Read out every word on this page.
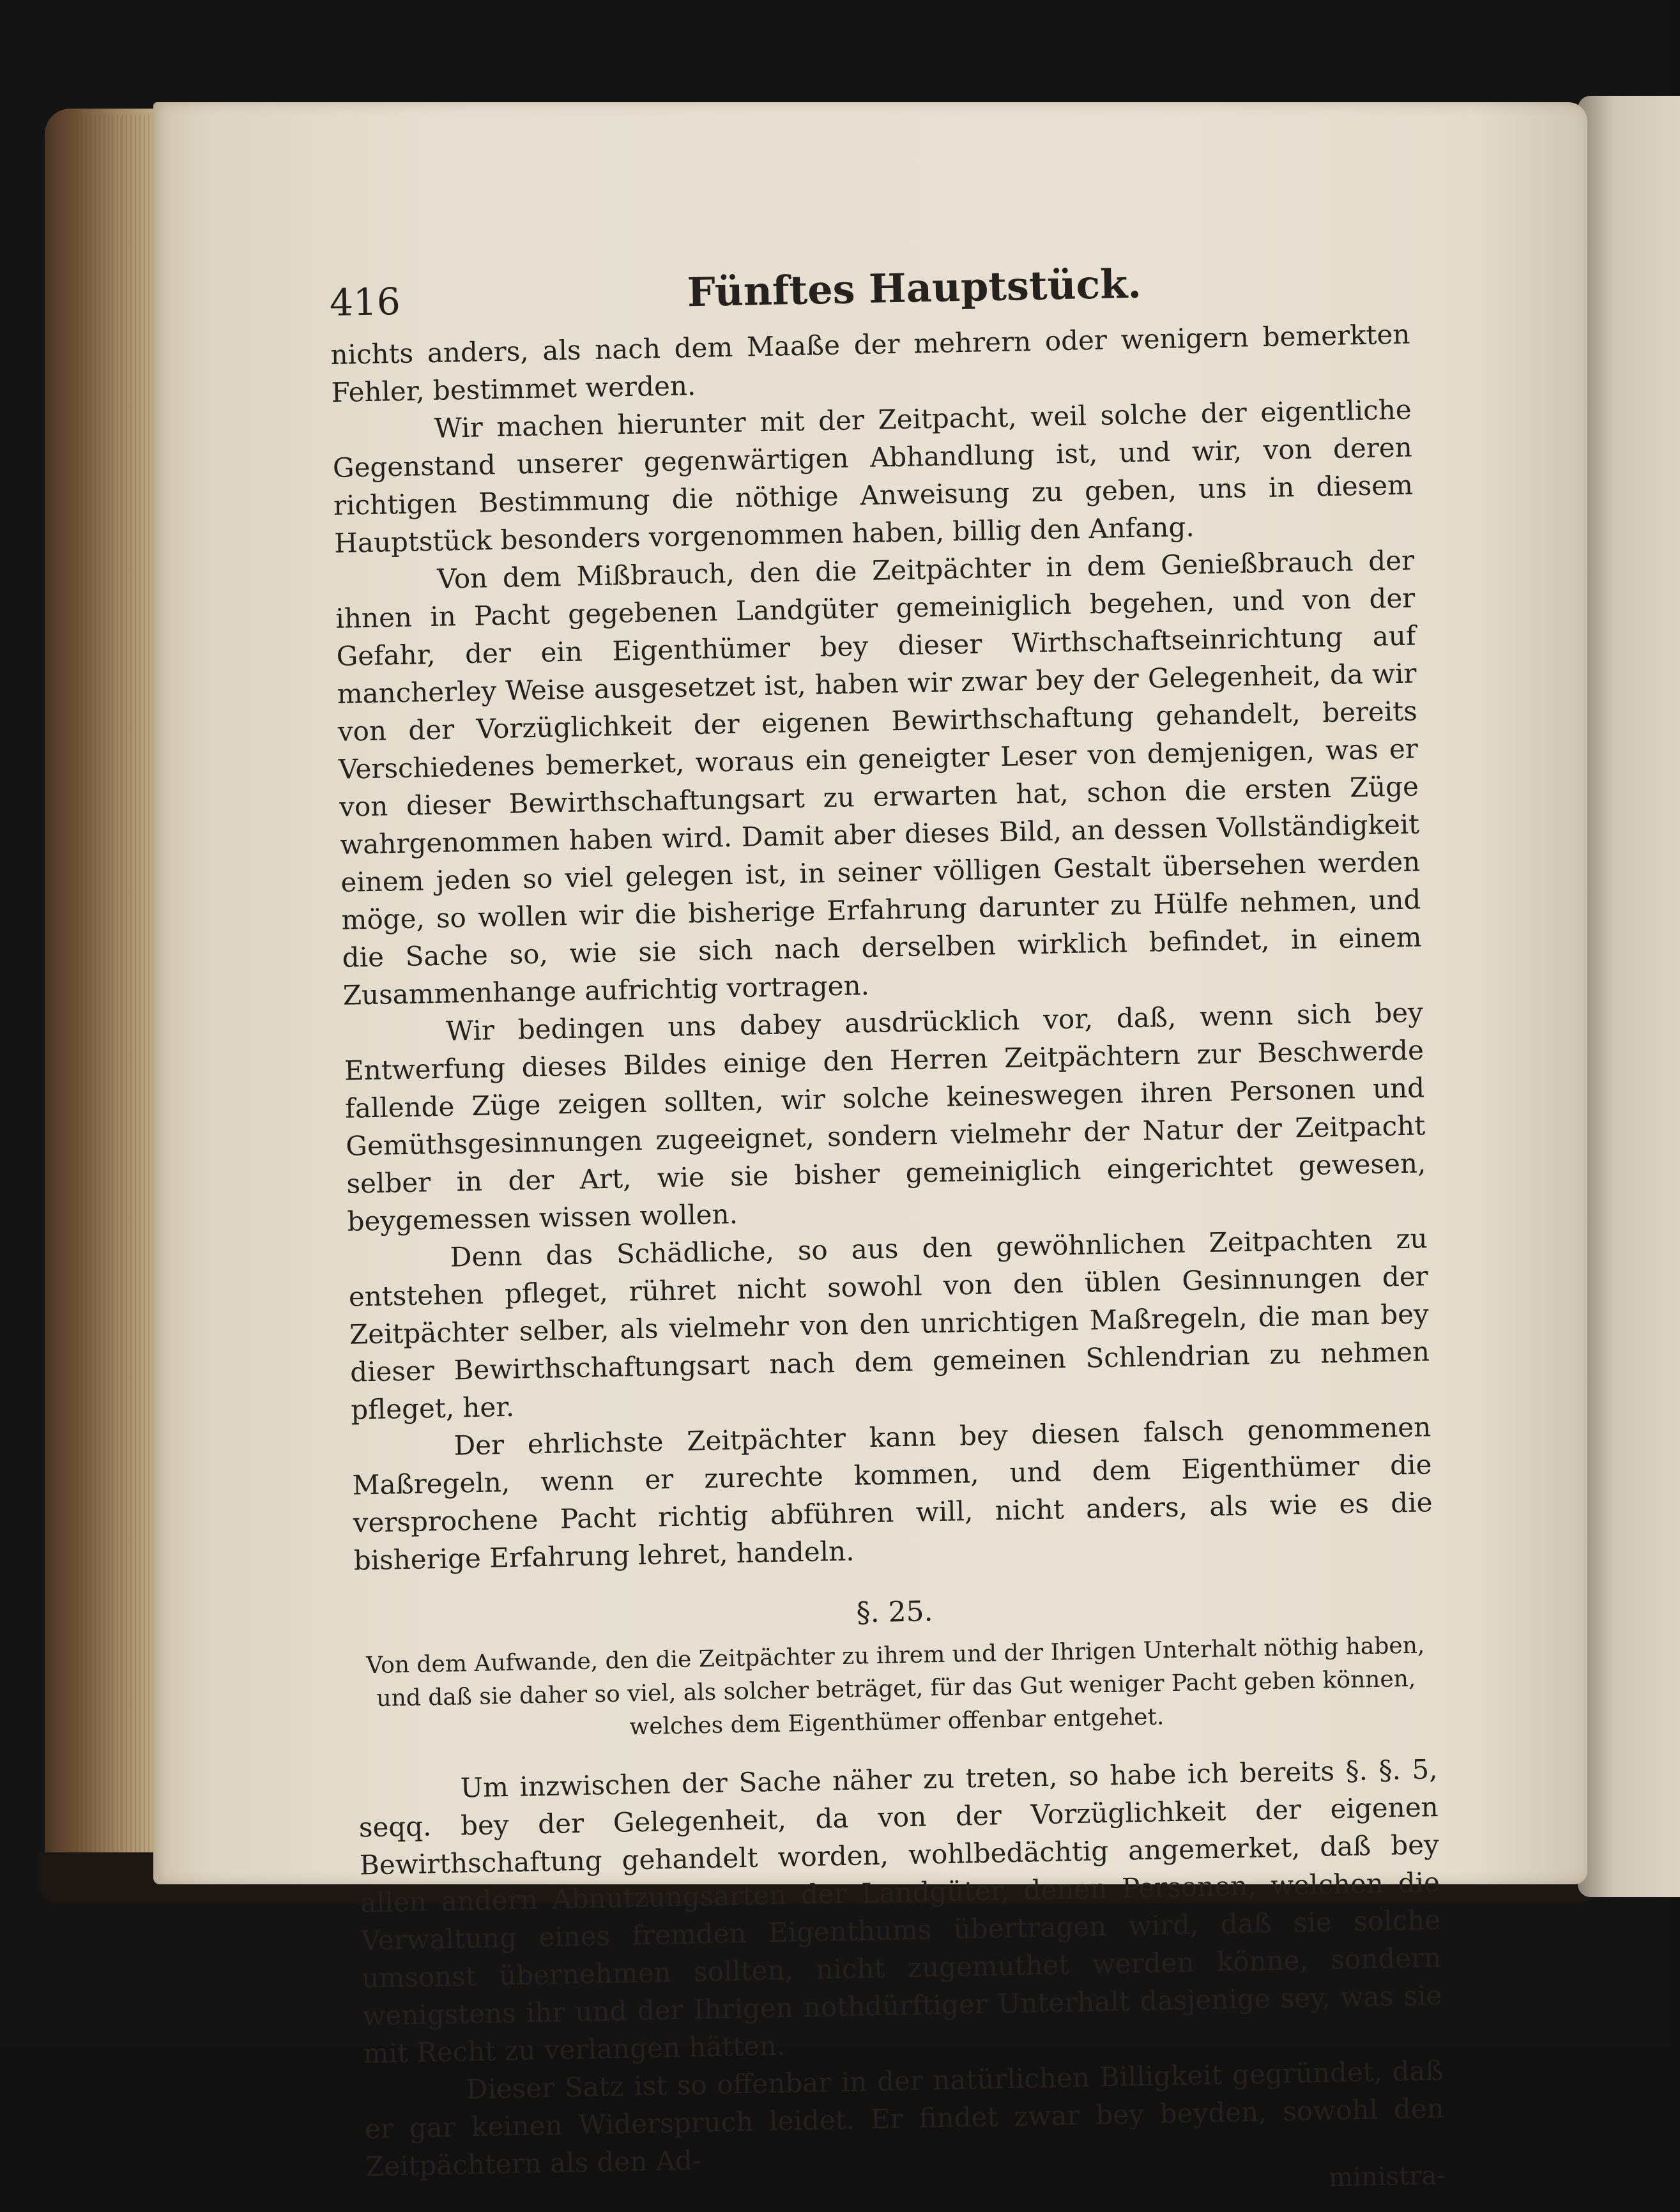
416	Fünftes Hauptstück.

nichts anders, als nach dem Maaße der mehrern oder wenigern bemerkten Fehler, bestimmet werden.

Wir machen hierunter mit der Zeitpacht, weil solche der eigentliche Gegenstand unserer gegenwärtigen Abhandlung ist, und wir, von deren richtigen Bestimmung die nöthige Anweisung zu geben, uns in diesem Hauptstück besonders vorgenommen haben, billig den Anfang.

Von dem Mißbrauch, den die Zeitpächter in dem Genießbrauch der ihnen in Pacht gegebenen Landgüter gemeiniglich begehen, und von der Gefahr, der ein Eigenthümer bey dieser Wirthschaftseinrichtung auf mancherley Weise ausgesetzet ist, haben wir zwar bey der Gelegenheit, da wir von der Vorzüglichkeit der eigenen Bewirthschaftung gehandelt, bereits Verschiedenes bemerket, woraus ein geneigter Leser von demjenigen, was er von dieser Bewirthschaftungsart zu erwarten hat, schon die ersten Züge wahrgenommen haben wird. Damit aber dieses Bild, an dessen Vollständigkeit einem jeden so viel gelegen ist, in seiner völligen Gestalt übersehen werden möge, so wollen wir die bisherige Erfahrung darunter zu Hülfe nehmen, und die Sache so, wie sie sich nach derselben wirklich befindet, in einem Zusammenhange aufrichtig vortragen.

Wir bedingen uns dabey ausdrücklich vor, daß, wenn sich bey Entwerfung dieses Bildes einige den Herren Zeitpächtern zur Beschwerde fallende Züge zeigen sollten, wir solche keineswegen ihren Personen und Gemüthsgesinnungen zugeeignet, sondern vielmehr der Natur der Zeitpacht selber in der Art, wie sie bisher gemeiniglich eingerichtet gewesen, beygemessen wissen wollen.

Denn das Schädliche, so aus den gewöhnlichen Zeitpachten zu entstehen pfleget, rühret nicht sowohl von den üblen Gesinnungen der Zeitpächter selber, als vielmehr von den unrichtigen Maßregeln, die man bey dieser Bewirthschaftungsart nach dem gemeinen Schlendrian zu nehmen pfleget, her.

Der ehrlichste Zeitpächter kann bey diesen falsch genommenen Maßregeln, wenn er zurechte kommen, und dem Eigenthümer die versprochene Pacht richtig abführen will, nicht anders, als wie es die bisherige Erfahrung lehret, handeln.

§. 25.
Von dem Aufwande, den die Zeitpächter zu ihrem und der Ihrigen Unterhalt nöthig haben, und daß sie daher so viel, als solcher beträget, für das Gut weniger Pacht geben können, welches dem Eigenthümer offenbar entgehet.

Um inzwischen der Sache näher zu treten, so habe ich bereits §. §. 5, seqq. bey der Gelegenheit, da von der Vorzüglichkeit der eigenen Bewirthschaftung gehandelt worden, wohlbedächtig angemerket, daß bey allen andern Abnutzungsarten der Landgüter, denen Personen, welchen die Verwaltung eines fremden Eigenthums übertragen wird, daß sie solche umsonst übernehmen sollten, nicht zugemuthet werden könne, sondern wenigstens ihr und der Ihrigen nothdürftiger Unterhalt dasjenige sey, was sie mit Recht zu verlangen hätten.

Dieser Satz ist so offenbar in der natürlichen Billigkeit gegründet, daß er gar keinen Widerspruch leidet. Er findet zwar bey beyden, sowohl den Zeitpächtern als den Ad-	ministra-
